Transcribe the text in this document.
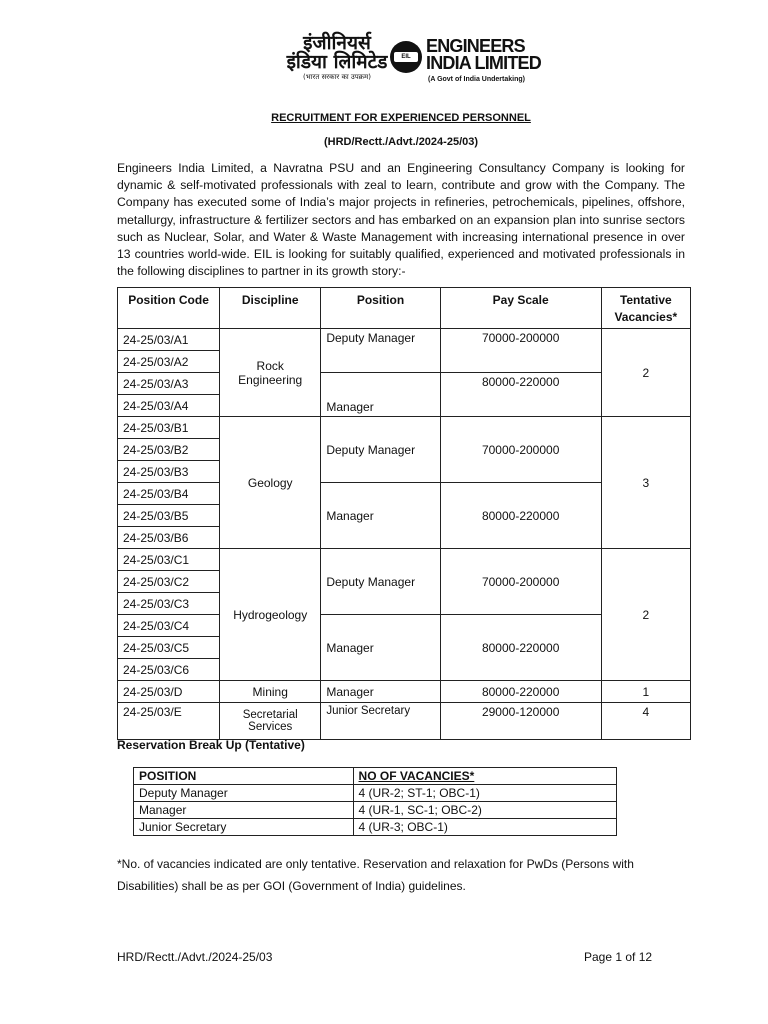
इंजीनियर्स
इंडिया लिमिटेड
(भारत सरकार का उपक्रम)
EIL
ENGINEERS
INDIA LIMITED
(A Govt of India Undertaking)
RECRUITMENT FOR EXPERIENCED PERSONNEL
(HRD/Rectt./Advt./2024-25/03)
Engineers India Limited, a Navratna PSU and an Engineering Consultancy Company is looking for dynamic & self-motivated professionals with zeal to learn, contribute and grow with the Company. The Company has executed some of India’s major projects in refineries, petrochemicals, pipelines, offshore, metallurgy, infrastructure & fertilizer sectors and has embarked on an expansion plan into sunrise sectors such as Nuclear, Solar, and Water & Waste Management with increasing international presence in over 13 countries world-wide. EIL is looking for suitably qualified, experienced and motivated professionals in the following disciplines to partner in its growth story:-
Position Code	Discipline	Position	Pay Scale	Tentative Vacancies*
24-25/03/A1	Rock Engineering	Deputy Manager	70000-200000	2
24-25/03/A2				
24-25/03/A3		Manager	80000-220000	
24-25/03/A4				
24-25/03/B1	Geology	Deputy Manager	70000-200000	3
24-25/03/B2				
24-25/03/B3				
24-25/03/B4		Manager	80000-220000	
24-25/03/B5				
24-25/03/B6				
24-25/03/C1	Hydrogeology	Deputy Manager	70000-200000	2
24-25/03/C2				
24-25/03/C3				
24-25/03/C4		Manager	80000-220000	
24-25/03/C5				
24-25/03/C6				
24-25/03/D	Mining	Manager	80000-220000	1
24-25/03/E	Secretarial Services	Junior Secretary	29000-120000	4
Reservation Break Up (Tentative)
POSITION	NO OF VACANCIES*
Deputy Manager	4 (UR-2; ST-1; OBC-1)
Manager	4 (UR-1, SC-1; OBC-2)
Junior Secretary	4 (UR-3; OBC-1)
*No. of vacancies indicated are only tentative. Reservation and relaxation for PwDs (Persons with Disabilities) shall be as per GOI (Government of India) guidelines.
HRD/Rectt./Advt./2024-25/03	Page 1 of 12
